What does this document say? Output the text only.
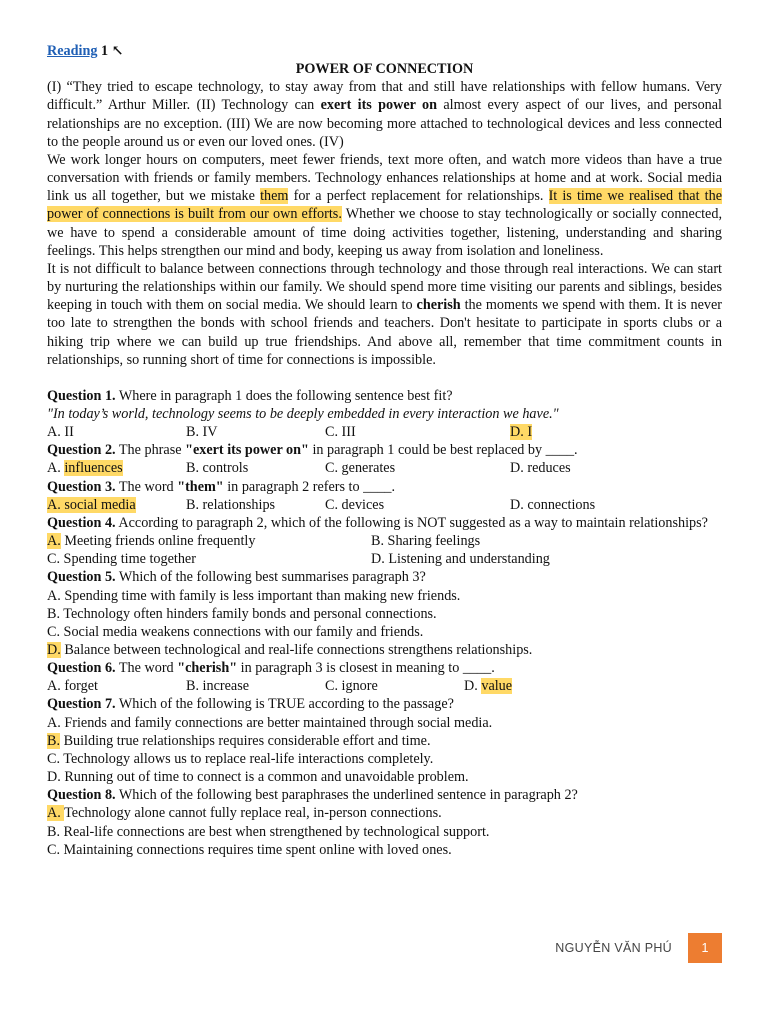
Reading 1 ↖
POWER OF CONNECTION
(I) “They tried to escape technology, to stay away from that and still have relationships with fellow humans. Very difficult.” Arthur Miller. (II) Technology can exert its power on almost every aspect of our lives, and personal relationships are no exception. (III) We are now becoming more attached to technological devices and less connected to the people around us or even our loved ones. (IV)
We work longer hours on computers, meet fewer friends, text more often, and watch more videos than have a true conversation with friends or family members. Technology enhances relationships at home and at work. Social media link us all together, but we mistake them for a perfect replacement for relationships. It is time we realised that the power of connections is built from our own efforts. Whether we choose to stay technologically or socially connected, we have to spend a considerable amount of time doing activities together, listening, understanding and sharing feelings. This helps strengthen our mind and body, keeping us away from isolation and loneliness.
It is not difficult to balance between connections through technology and those through real interactions. We can start by nurturing the relationships within our family. We should spend more time visiting our parents and siblings, besides keeping in touch with them on social media. We should learn to cherish the moments we spend with them. It is never too late to strengthen the bonds with school friends and teachers. Don't hesitate to participate in sports clubs or a hiking trip where we can build up true friendships. And above all, remember that time commitment counts in relationships, so running short of time for connections is impossible.
Question 1. Where in paragraph 1 does the following sentence best fit?
"In today’s world, technology seems to be deeply embedded in every interaction we have."
A. II	B. IV	C. III	D. I
Question 2. The phrase "exert its power on" in paragraph 1 could be best replaced by ____.
A. influences	B. controls	C. generates	D. reduces
Question 3. The word "them" in paragraph 2 refers to ____.
A. social media	B. relationships	C. devices	D. connections
Question 4. According to paragraph 2, which of the following is NOT suggested as a way to maintain relationships?
A. Meeting friends online frequently	B. Sharing feelings
C. Spending time together	D. Listening and understanding
Question 5. Which of the following best summarises paragraph 3?
A. Spending time with family is less important than making new friends.
B. Technology often hinders family bonds and personal connections.
C. Social media weakens connections with our family and friends.
D. Balance between technological and real-life connections strengthens relationships.
Question 6. The word "cherish" in paragraph 3 is closest in meaning to ____.
A. forget	B. increase	C. ignore	D. value
Question 7. Which of the following is TRUE according to the passage?
A. Friends and family connections are better maintained through social media.
B. Building true relationships requires considerable effort and time.
C. Technology allows us to replace real-life interactions completely.
D. Running out of time to connect is a common and unavoidable problem.
Question 8. Which of the following best paraphrases the underlined sentence in paragraph 2?
A. Technology alone cannot fully replace real, in-person connections.
B. Real-life connections are best when strengthened by technological support.
C. Maintaining connections requires time spent online with loved ones.
NGUYỄN VĂN PHÚ	1
